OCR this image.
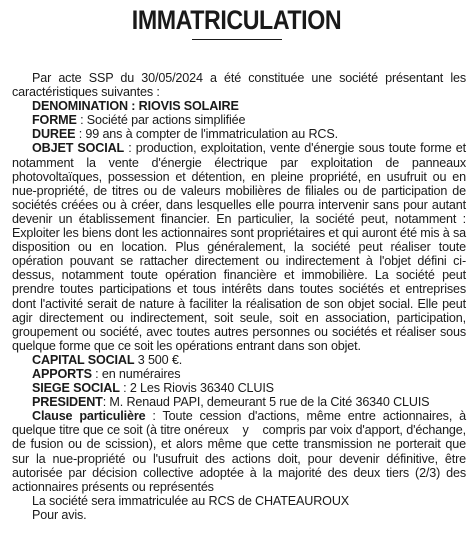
IMMATRICULATION

Par acte SSP du 30/05/2024 a été constituée une société présentant les caractéristiques suivantes :

DENOMINATION : RIOVIS SOLAIRE

FORME : Société par actions simplifiée

DUREE : 99 ans à compter de l'immatriculation au RCS.

OBJET SOCIAL : production, exploitation, vente d'énergie sous toute forme et notamment la vente d'énergie électrique par exploitation de panneaux photovoltaïques, possession et détention, en pleine propriété, en usufruit ou en nue-propriété, de titres ou de valeurs mobilières de filiales ou de participation de sociétés créées ou à créer, dans lesquelles elle pourra intervenir sans pour autant devenir un établissement financier. En particulier, la société peut, notamment : Exploiter les biens dont les actionnaires sont propriétaires et qui auront été mis à sa disposition ou en location. Plus généralement, la société peut réaliser toute opération pouvant se rattacher directement ou indirectement à l'objet défini ci-dessus, notamment toute opération financière et immobilière. La société peut prendre toutes participations et tous intérêts dans toutes sociétés et entreprises dont l'activité serait de nature à faciliter la réalisation de son objet social. Elle peut agir directement ou indirectement, soit seule, soit en association, participation, groupement ou société, avec toutes autres personnes ou sociétés et réaliser sous quelque forme que ce soit les opérations entrant dans son objet.

CAPITAL SOCIAL 3 500 €.

APPORTS : en numéraires

SIEGE SOCIAL : 2 Les Riovis 36340 CLUIS

PRESIDENT: M. Renaud PAPI, demeurant 5 rue de la Cité 36340 CLUIS

Clause particulière : Toute cession d'actions, même entre actionnaires, à quelque titre que ce soit (à titre onéreux    y    compris par voix d'apport, d'échange, de fusion ou de scission), et alors même que cette transmission ne porterait que sur la nue-propriété ou l'usufruit des actions doit, pour devenir définitive, être autorisée par décision collective adoptée à la majorité des deux tiers (2/3) des actionnaires présents ou représentés

La société sera immatriculée au RCS de CHATEAUROUX

Pour avis.
